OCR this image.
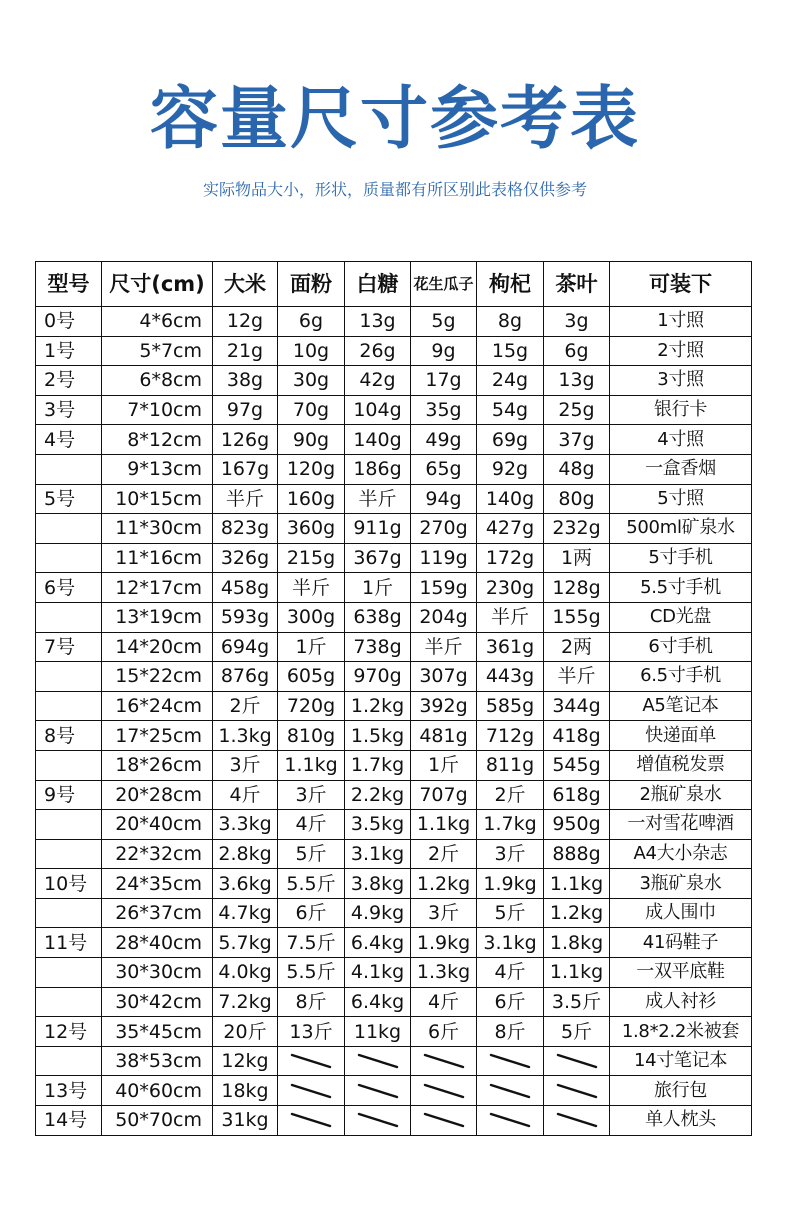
容量尺寸参考表
实际物品大小，形状，质量都有所区别此表格仅供参考
型号	尺寸(cm)	大米	面粉	白糖	花生瓜子	枸杞	茶叶	可装下
0号	4*6cm	12g	6g	13g	5g	8g	3g	1寸照
1号	5*7cm	21g	10g	26g	9g	15g	6g	2寸照
2号	6*8cm	38g	30g	42g	17g	24g	13g	3寸照
3号	7*10cm	97g	70g	104g	35g	54g	25g	银行卡
4号	8*12cm	126g	90g	140g	49g	69g	37g	4寸照
	9*13cm	167g	120g	186g	65g	92g	48g	一盒香烟
5号	10*15cm	半斤	160g	半斤	94g	140g	80g	5寸照
	11*30cm	823g	360g	911g	270g	427g	232g	500ml矿泉水
	11*16cm	326g	215g	367g	119g	172g	1两	5寸手机
6号	12*17cm	458g	半斤	1斤	159g	230g	128g	5.5寸手机
	13*19cm	593g	300g	638g	204g	半斤	155g	CD光盘
7号	14*20cm	694g	1斤	738g	半斤	361g	2两	6寸手机
	15*22cm	876g	605g	970g	307g	443g	半斤	6.5寸手机
	16*24cm	2斤	720g	1.2kg	392g	585g	344g	A5笔记本
8号	17*25cm	1.3kg	810g	1.5kg	481g	712g	418g	快递面单
	18*26cm	3斤	1.1kg	1.7kg	1斤	811g	545g	增值税发票
9号	20*28cm	4斤	3斤	2.2kg	707g	2斤	618g	2瓶矿泉水
	20*40cm	3.3kg	4斤	3.5kg	1.1kg	1.7kg	950g	一对雪花啤酒
	22*32cm	2.8kg	5斤	3.1kg	2斤	3斤	888g	A4大小杂志
10号	24*35cm	3.6kg	5.5斤	3.8kg	1.2kg	1.9kg	1.1kg	3瓶矿泉水
	26*37cm	4.7kg	6斤	4.9kg	3斤	5斤	1.2kg	成人围巾
11号	28*40cm	5.7kg	7.5斤	6.4kg	1.9kg	3.1kg	1.8kg	41码鞋子
	30*30cm	4.0kg	5.5斤	4.1kg	1.3kg	4斤	1.1kg	一双平底鞋
	30*42cm	7.2kg	8斤	6.4kg	4斤	6斤	3.5斤	成人衬衫
12号	35*45cm	20斤	13斤	11kg	6斤	8斤	5斤	1.8*2.2米被套
	38*53cm	12kg						14寸笔记本
13号	40*60cm	18kg						旅行包
14号	50*70cm	31kg						单人枕头
